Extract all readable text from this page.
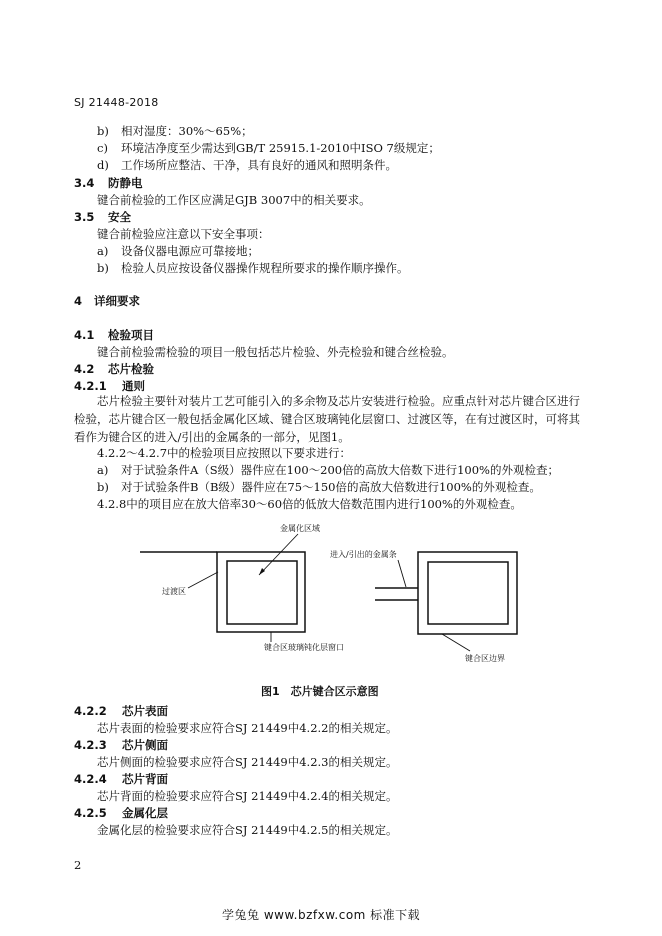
SJ 21448-2018
b) 相对湿度：30%～65%；
c) 环境洁净度至少需达到GB/T 25915.1-2010中ISO 7级规定；
d) 工作场所应整洁、干净，具有良好的通风和照明条件。
3.4 防静电
键合前检验的工作区应满足GJB 3007中的相关要求。
3.5 安全
键合前检验应注意以下安全事项：
a) 设备仪器电源应可靠接地；
b) 检验人员应按设备仪器操作规程所要求的操作顺序操作。
4 详细要求
4.1 检验项目
键合前检验需检验的项目一般包括芯片检验、外壳检验和键合丝检验。
4.2 芯片检验
4.2.1 通则
芯片检验主要针对装片工艺可能引入的多余物及芯片安装进行检验。应重点针对芯片键合区进行检验，芯片键合区一般包括金属化区域、键合区玻璃钝化层窗口、过渡区等，在有过渡区时，可将其看作为键合区的进入/引出的金属条的一部分，见图1。
4.2.2～4.2.7中的检验项目应按照以下要求进行：
a) 对于试验条件A（S级）器件应在100～200倍的高放大倍数下进行100%的外观检查；
b) 对于试验条件B（B级）器件应在75～150倍的高放大倍数进行100%的外观检查。
4.2.8中的项目应在放大倍率30～60倍的低放大倍数范围内进行100%的外观检查。
金属化区域
过渡区
键合区玻璃钝化层窗口
进入/引出的金属条
键合区边界
图1　芯片键合区示意图
4.2.2 芯片表面
芯片表面的检验要求应符合SJ 21449中4.2.2的相关规定。
4.2.3 芯片侧面
芯片侧面的检验要求应符合SJ 21449中4.2.3的相关规定。
4.2.4 芯片背面
芯片背面的检验要求应符合SJ 21449中4.2.4的相关规定。
4.2.5 金属化层
金属化层的检验要求应符合SJ 21449中4.2.5的相关规定。
2
学兔兔 www.bzfxw.com 标准下载
